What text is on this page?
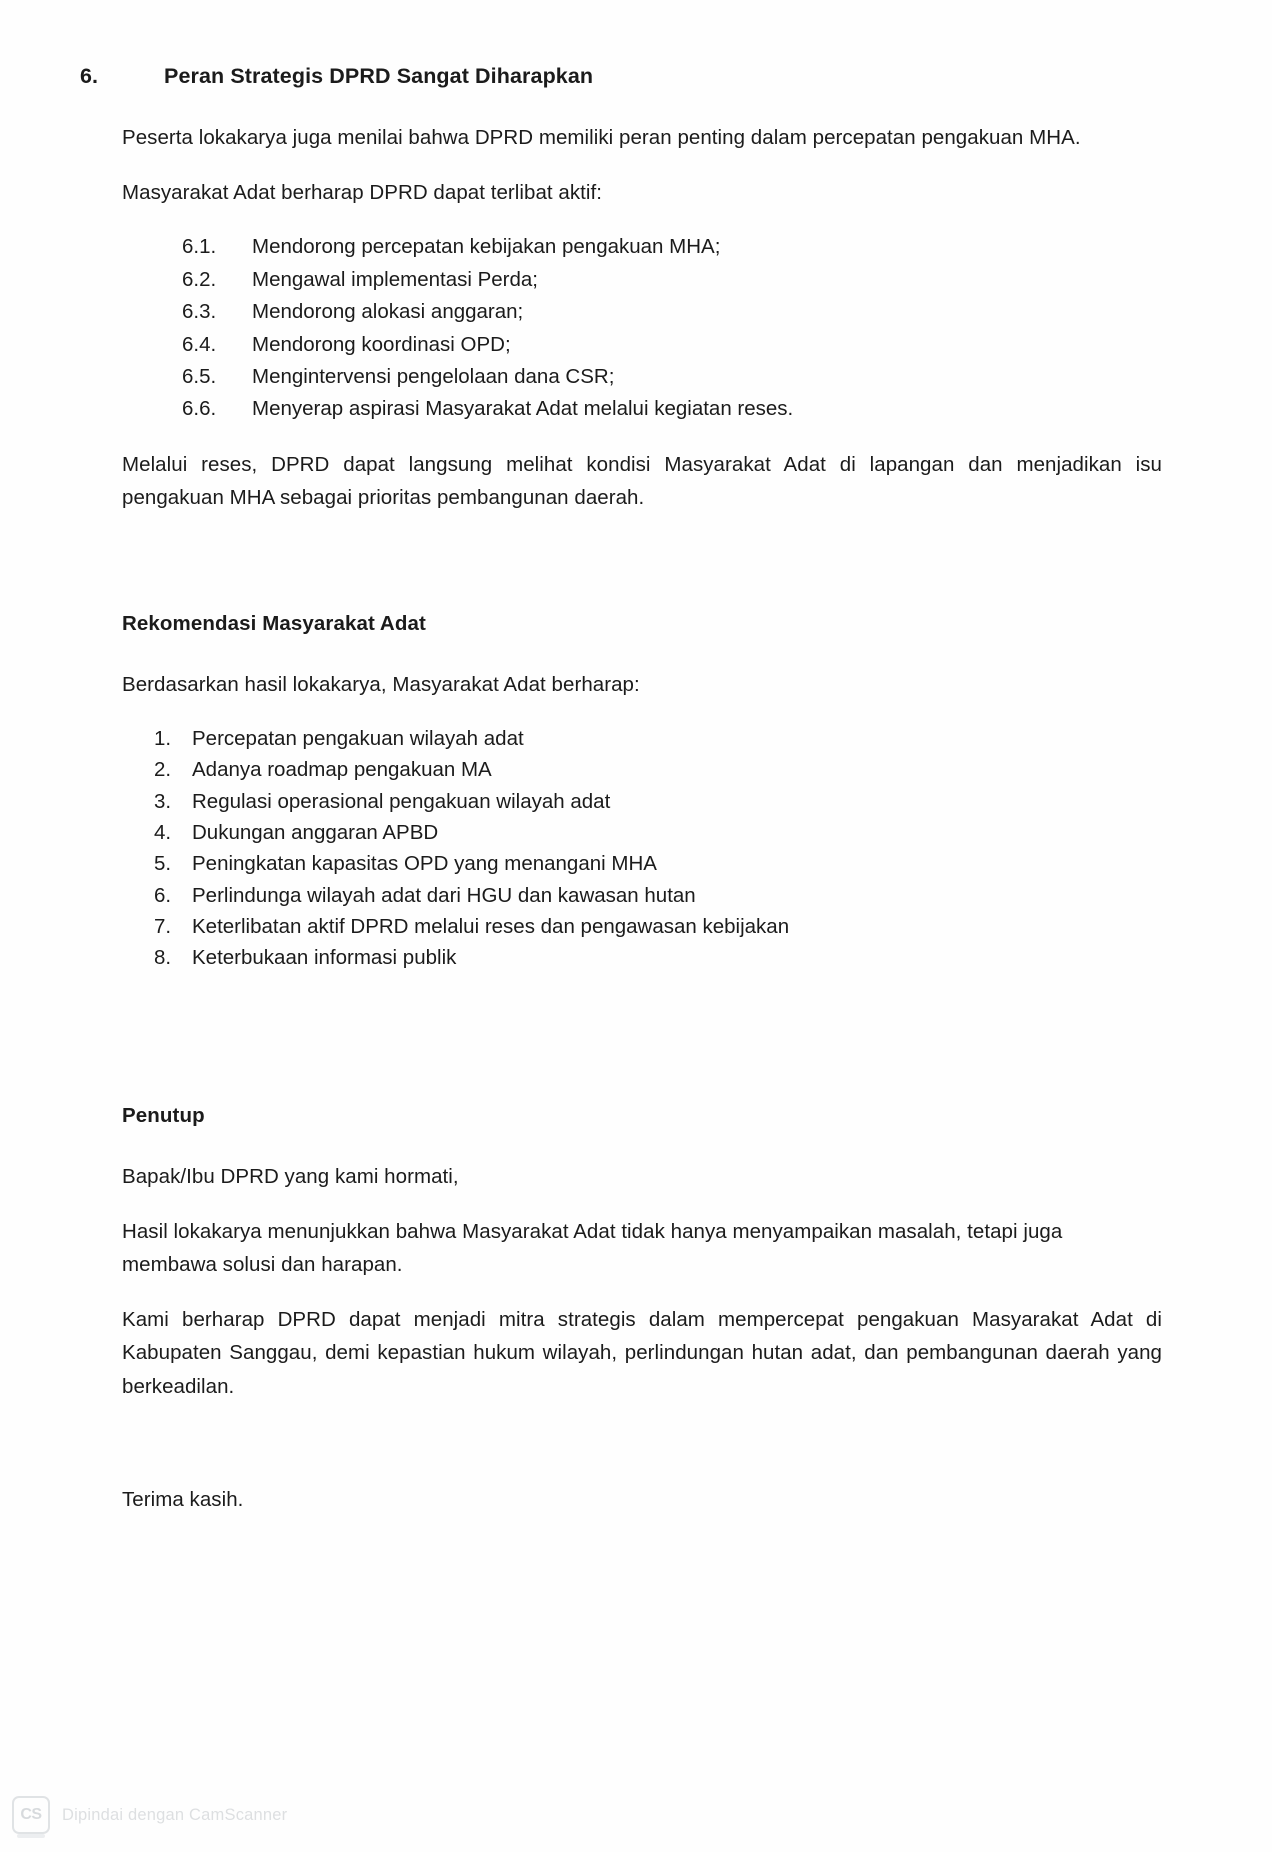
6.	Peran Strategis DPRD Sangat Diharapkan

Peserta lokakarya juga menilai bahwa DPRD memiliki peran penting dalam percepatan pengakuan MHA.

Masyarakat Adat berharap DPRD dapat terlibat aktif:

6.1.	Mendorong percepatan kebijakan pengakuan MHA;
6.2.	Mengawal implementasi Perda;
6.3.	Mendorong alokasi anggaran;
6.4.	Mendorong koordinasi OPD;
6.5.	Mengintervensi pengelolaan dana CSR;
6.6.	Menyerap aspirasi Masyarakat Adat melalui kegiatan reses.

Melalui reses, DPRD dapat langsung melihat kondisi Masyarakat Adat di lapangan dan menjadikan isu pengakuan MHA sebagai prioritas pembangunan daerah.

Rekomendasi Masyarakat Adat

Berdasarkan hasil lokakarya, Masyarakat Adat berharap:

1.	Percepatan pengakuan wilayah adat
2.	Adanya roadmap pengakuan MA
3.	Regulasi operasional pengakuan wilayah adat
4.	Dukungan anggaran APBD
5.	Peningkatan kapasitas OPD yang menangani MHA
6.	Perlindunga wilayah adat dari HGU dan kawasan hutan
7.	Keterlibatan aktif DPRD melalui reses dan pengawasan kebijakan
8.	Keterbukaan informasi publik
Penutup

Bapak/Ibu DPRD yang kami hormati,

Hasil lokakarya menunjukkan bahwa Masyarakat Adat tidak hanya menyampaikan masalah, tetapi juga membawa solusi dan harapan.

Kami berharap DPRD dapat menjadi mitra strategis dalam mempercepat pengakuan Masyarakat Adat di Kabupaten Sanggau, demi kepastian hukum wilayah, perlindungan hutan adat, dan pembangunan daerah yang berkeadilan.

Terima kasih.

CS	Dipindai dengan CamScanner
